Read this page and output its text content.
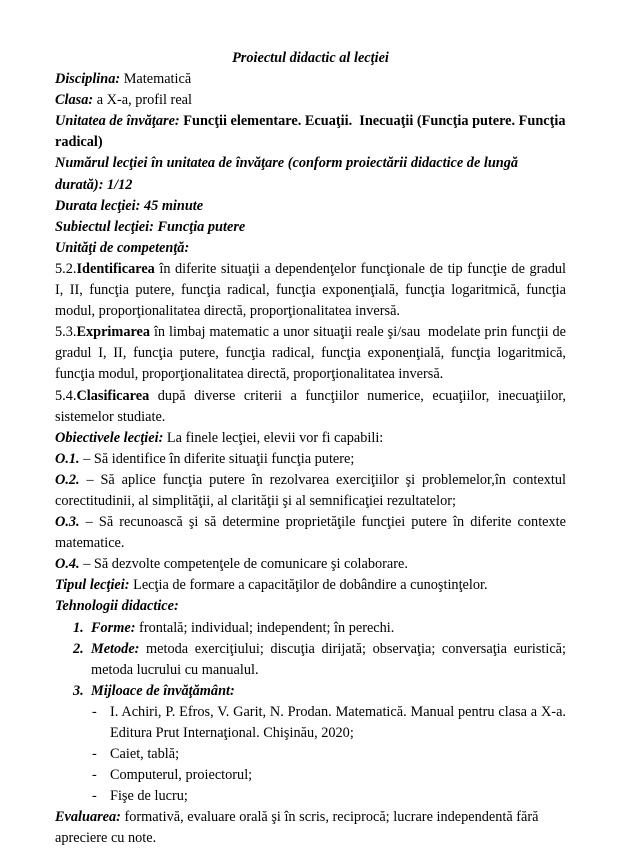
Proiectul didactic al lecţiei

Disciplina: Matematică

Clasa: a X-a, profil real

Unitatea de învăţare: Funcţii elementare. Ecuaţii.  Inecuaţii (Funcţia putere. Funcţia radical)

Numărul lecţiei în unitatea de învăţare (conform proiectării didactice de lungă durată): 1/12

Durata lecţiei: 45 minute

Subiectul lecţiei: Funcţia putere

Unităţi de competenţă:

5.2.Identificarea în diferite situaţii a dependenţelor funcţionale de tip funcţie de gradul I, II, funcţia putere, funcţia radical, funcţia exponenţială, funcţia logaritmică, funcţia modul, proporţionalitatea directă, proporţionalitatea inversă.

5.3.Exprimarea în limbaj matematic a unor situaţii reale şi/sau  modelate prin funcţii de gradul I, II, funcţia putere, funcţia radical, funcţia exponenţială, funcţia logaritmică, funcţia modul, proporţionalitatea directă, proporţionalitatea inversă.

5.4.Clasificarea după diverse criterii a funcţiilor numerice, ecuaţiilor, inecuaţiilor, sistemelor studiate.

Obiectivele lecţiei: La finele lecţiei, elevii vor fi capabili:

O.1. – Să identifice în diferite situaţii funcţia putere;

O.2. – Să aplice funcţia putere în rezolvarea exerciţiilor şi problemelor,în contextul corectitudinii, al simplităţii, al clarităţii şi al semnificaţiei rezultatelor;

O.3. – Să recunoască şi să determine proprietăţile funcţiei putere în diferite contexte matematice.

O.4. – Să dezvolte competenţele de comunicare şi colaborare.

Tipul lecţiei: Lecţia de formare a capacităţilor de dobândire a cunoştinţelor.

Tehnologii didactice:

1. Forme: frontală; individual; independent; în perechi.

2. Metode: metoda exerciţiului; discuţia dirijată; observaţia; conversaţia euristică; metoda lucrului cu manualul.

3. Mijloace de învăţământ:

- I. Achiri, P. Efros, V. Garit, N. Prodan. Matematică. Manual pentru clasa a X-a. Editura Prut Internaţional. Chişinău, 2020;

- Caiet, tablă;

- Computerul, proiectorul;

- Fişe de lucru;

Evaluarea: formativă, evaluare orală şi în scris, reciprocă; lucrare independentă fără apreciere cu note.
